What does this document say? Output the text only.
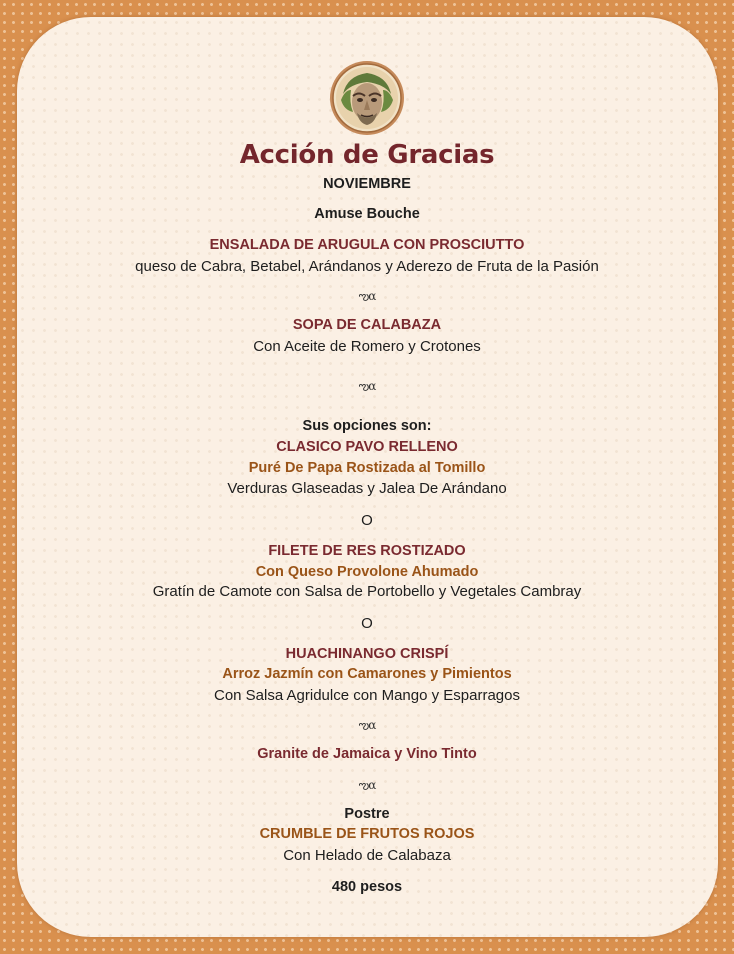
Acción de Gracias
NOVIEMBRE
Amuse Bouche
ENSALADA DE ARUGULA CON PROSCIUTTO
queso de Cabra, Betabel, Arándanos y Aderezo de Fruta de la Pasión
ఌα
SOPA DE CALABAZA
Con Aceite de Romero y Crotones
ఌα
Sus opciones son:
CLASICO PAVO RELLENO
Puré De Papa Rostizada al Tomillo
Verduras Glaseadas y Jalea De Arándano
O
FILETE DE RES ROSTIZADO
Con Queso Provolone Ahumado
Gratín de Camote con Salsa de Portobello y Vegetales Cambray
O
HUACHINANGO CRISPÍ
Arroz Jazmín con Camarones y Pimientos
Con Salsa Agridulce con Mango y Esparragos
ఌα
Granite de Jamaica y Vino Tinto
ఌα
Postre
CRUMBLE DE FRUTOS ROJOS
Con Helado de Calabaza
480 pesos
